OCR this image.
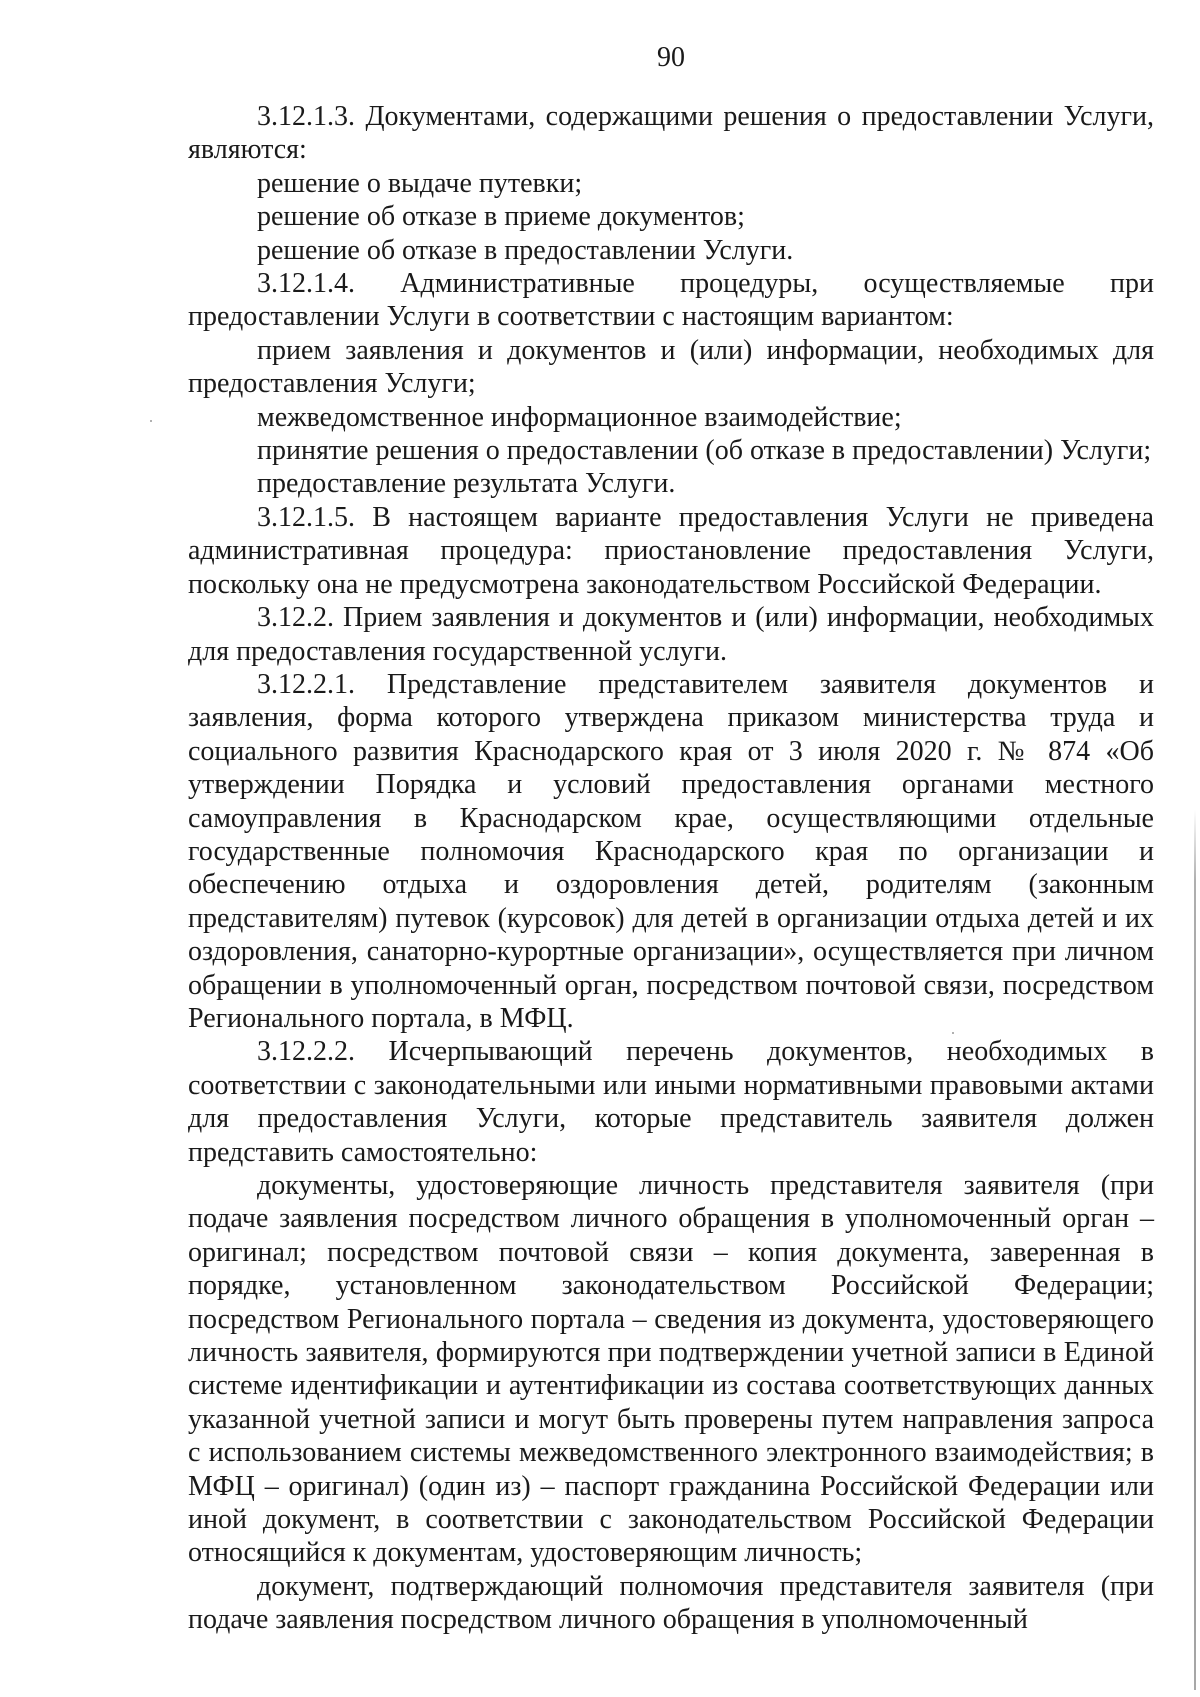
90

3.12.1.3. Документами, содержащими решения о предоставлении Услуги, являются:

решение о выдаче путевки;

решение об отказе в приеме документов;

решение об отказе в предоставлении Услуги.

3.12.1.4. Административные процедуры, осуществляемые при предоставлении Услуги в соответствии с настоящим вариантом:

прием заявления и документов и (или) информации, необходимых для предоставления Услуги;

межведомственное информационное взаимодействие;

принятие решения о предоставлении (об отказе в предоставлении) Услуги;

предоставление результата Услуги.

3.12.1.5. В настоящем варианте предоставления Услуги не приведена административная процедура: приостановление предоставления Услуги, поскольку она не предусмотрена законодательством Российской Федерации.

3.12.2. Прием заявления и документов и (или) информации, необходимых для предоставления государственной услуги.

3.12.2.1. Представление представителем заявителя документов и заявления, форма которого утверждена приказом министерства труда и социального развития Краснодарского края от 3 июля 2020 г. № 874 «Об утверждении Порядка и условий предоставления органами местного самоуправления в Краснодарском крае, осуществляющими отдельные государственные полномочия Краснодарского края по организации и обеспечению отдыха и оздоровления детей, родителям (законным представителям) путевок (курсовок) для детей в организации отдыха детей и их оздоровления, санаторно-курортные организации», осуществляется при личном обращении в уполномоченный орган, посредством почтовой связи, посредством Регионального портала, в МФЦ.

3.12.2.2. Исчерпывающий перечень документов, необходимых в соответствии с законодательными или иными нормативными правовыми актами для предоставления Услуги, которые представитель заявителя должен представить самостоятельно:

документы, удостоверяющие личность представителя заявителя (при подаче заявления посредством личного обращения в уполномоченный орган – оригинал; посредством почтовой связи – копия документа, заверенная в порядке, установленном законодательством Российской Федерации; посредством Регионального портала – сведения из документа, удостоверяющего личность заявителя, формируются при подтверждении учетной записи в Единой системе идентификации и аутентификации из состава соответствующих данных указанной учетной записи и могут быть проверены путем направления запроса с использованием системы межведомственного электронного взаимодействия; в МФЦ – оригинал) (один из) – паспорт гражданина Российской Федерации или иной документ, в соответствии с законодательством Российской Федерации относящийся к документам, удостоверяющим личность;

документ, подтверждающий полномочия представителя заявителя (при подаче заявления посредством личного обращения в уполномоченный
